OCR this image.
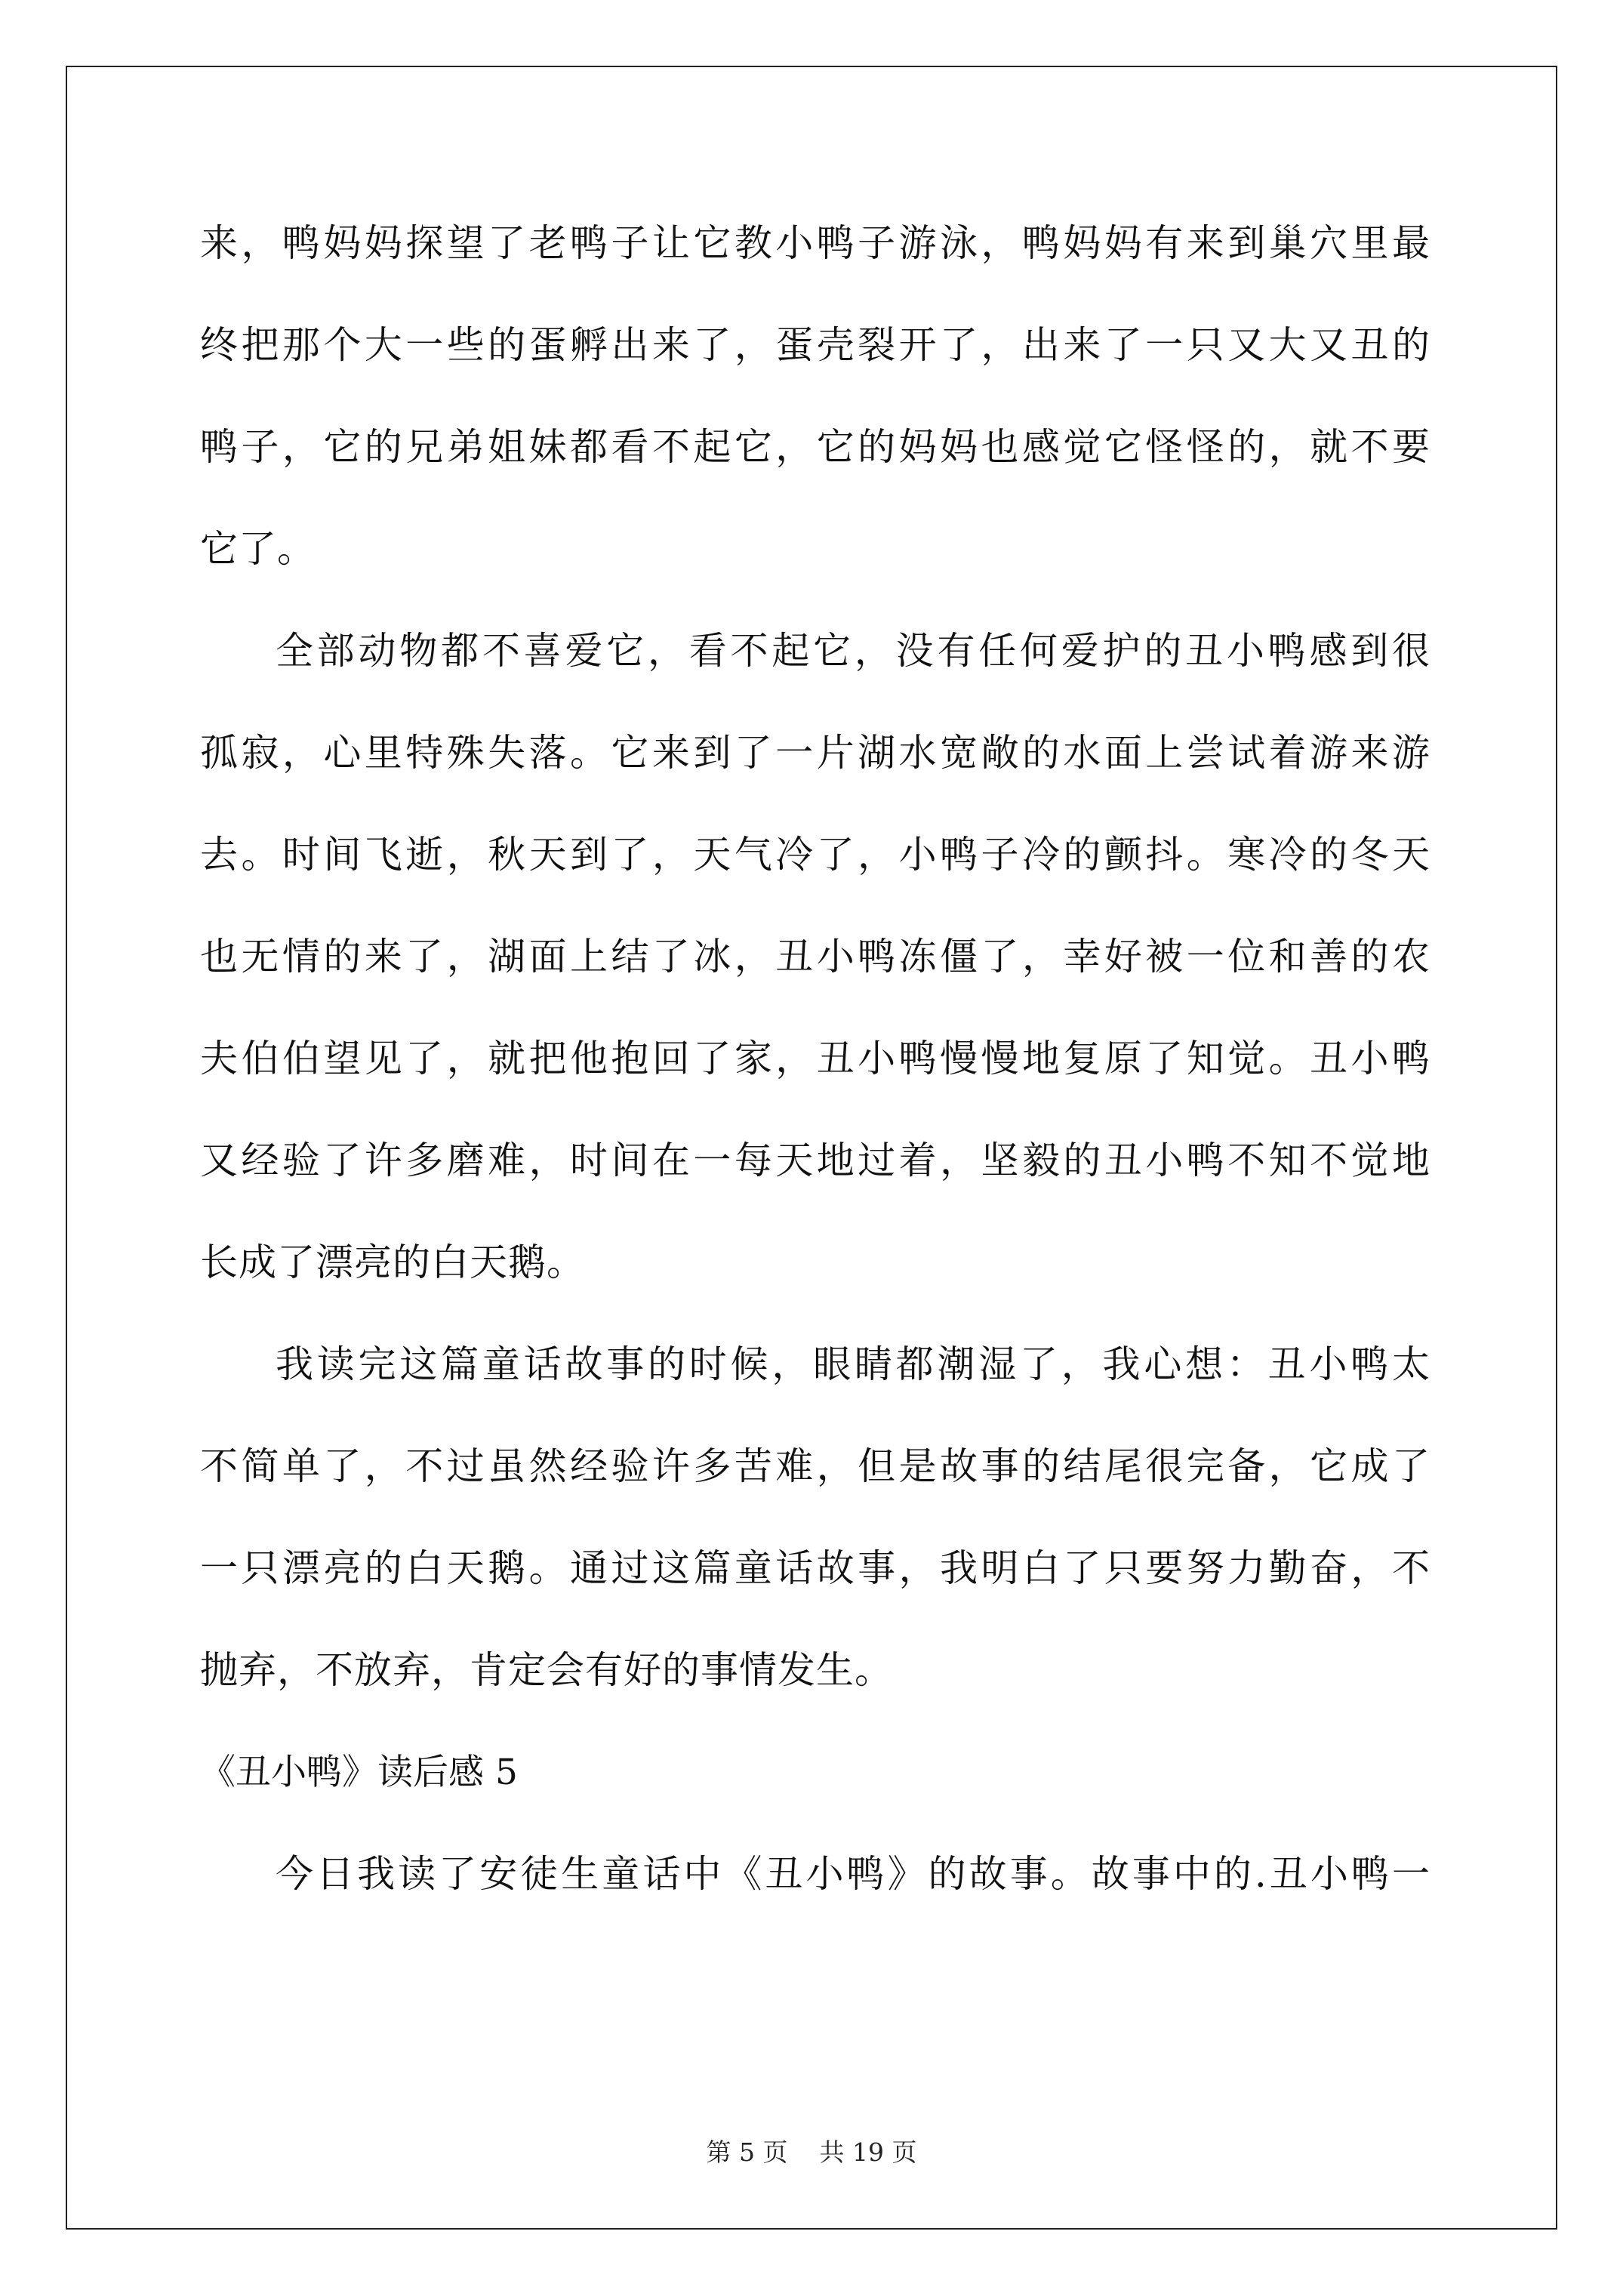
来，鸭妈妈探望了老鸭子让它教小鸭子游泳，鸭妈妈有来到巢穴里最
终把那个大一些的蛋孵出来了，蛋壳裂开了，出来了一只又大又丑的
鸭子，它的兄弟姐妹都看不起它，它的妈妈也感觉它怪怪的，就不要
它了。
全部动物都不喜爱它，看不起它，没有任何爱护的丑小鸭感到很
孤寂，心里特殊失落。它来到了一片湖水宽敞的水面上尝试着游来游
去。时间飞逝，秋天到了，天气冷了，小鸭子冷的颤抖。寒冷的冬天
也无情的来了，湖面上结了冰，丑小鸭冻僵了，幸好被一位和善的农
夫伯伯望见了，就把他抱回了家，丑小鸭慢慢地复原了知觉。丑小鸭
又经验了许多磨难，时间在一每天地过着，坚毅的丑小鸭不知不觉地
长成了漂亮的白天鹅。
我读完这篇童话故事的时候，眼睛都潮湿了，我心想：丑小鸭太
不简单了，不过虽然经验许多苦难，但是故事的结尾很完备，它成了
一只漂亮的白天鹅。通过这篇童话故事，我明白了只要努力勤奋，不
抛弃，不放弃，肯定会有好的事情发生。
《丑小鸭》读后感 5
今日我读了安徒生童话中《丑小鸭》的故事。故事中的.丑小鸭一
第 5 页    共 19 页
